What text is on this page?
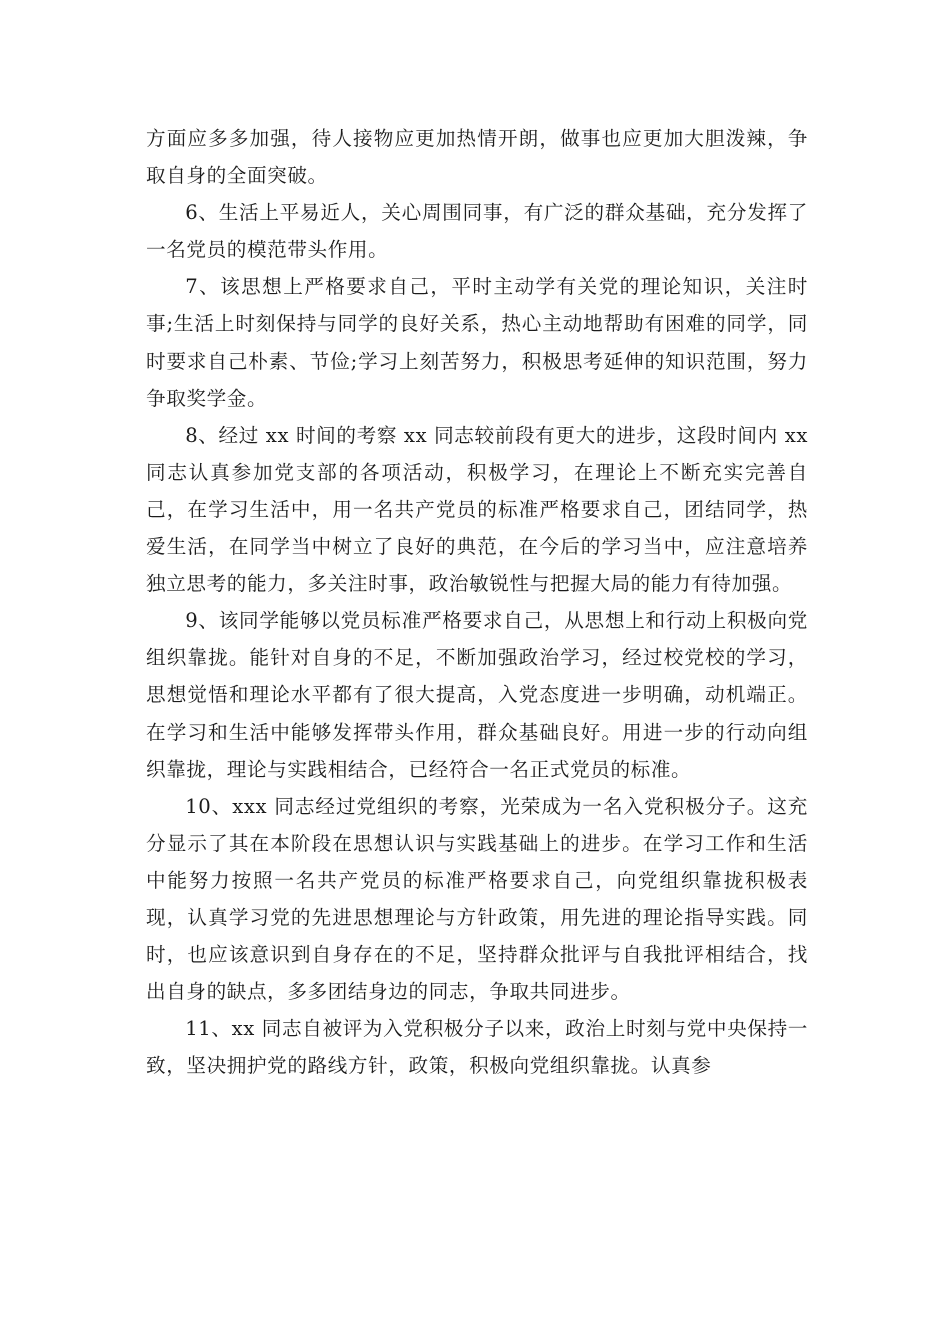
方面应多多加强，待人接物应更加热情开朗，做事也应更加大胆泼辣，争取自身的全面突破。

6、生活上平易近人，关心周围同事，有广泛的群众基础，充分发挥了一名党员的模范带头作用。

7、该思想上严格要求自己，平时主动学有关党的理论知识，关注时事;生活上时刻保持与同学的良好关系，热心主动地帮助有困难的同学，同时要求自己朴素、节俭;学习上刻苦努力，积极思考延伸的知识范围，努力争取奖学金。

8、经过 xx 时间的考察 xx 同志较前段有更大的进步，这段时间内 xx 同志认真参加党支部的各项活动，积极学习，在理论上不断充实完善自己，在学习生活中，用一名共产党员的标准严格要求自己，团结同学，热爱生活，在同学当中树立了良好的典范，在今后的学习当中，应注意培养独立思考的能力，多关注时事，政治敏锐性与把握大局的能力有待加强。

9、该同学能够以党员标准严格要求自己，从思想上和行动上积极向党组织靠拢。能针对自身的不足，不断加强政治学习，经过校党校的学习，思想觉悟和理论水平都有了很大提高，入党态度进一步明确，动机端正。在学习和生活中能够发挥带头作用，群众基础良好。用进一步的行动向组织靠拢，理论与实践相结合，已经符合一名正式党员的标准。

10、xxx 同志经过党组织的考察，光荣成为一名入党积极分子。这充分显示了其在本阶段在思想认识与实践基础上的进步。在学习工作和生活中能努力按照一名共产党员的标准严格要求自己，向党组织靠拢积极表现，认真学习党的先进思想理论与方针政策，用先进的理论指导实践。同时，也应该意识到自身存在的不足，坚持群众批评与自我批评相结合，找出自身的缺点，多多团结身边的同志，争取共同进步。

11、xx 同志自被评为入党积极分子以来，政治上时刻与党中央保持一致，坚决拥护党的路线方针，政策，积极向党组织靠拢。认真参
